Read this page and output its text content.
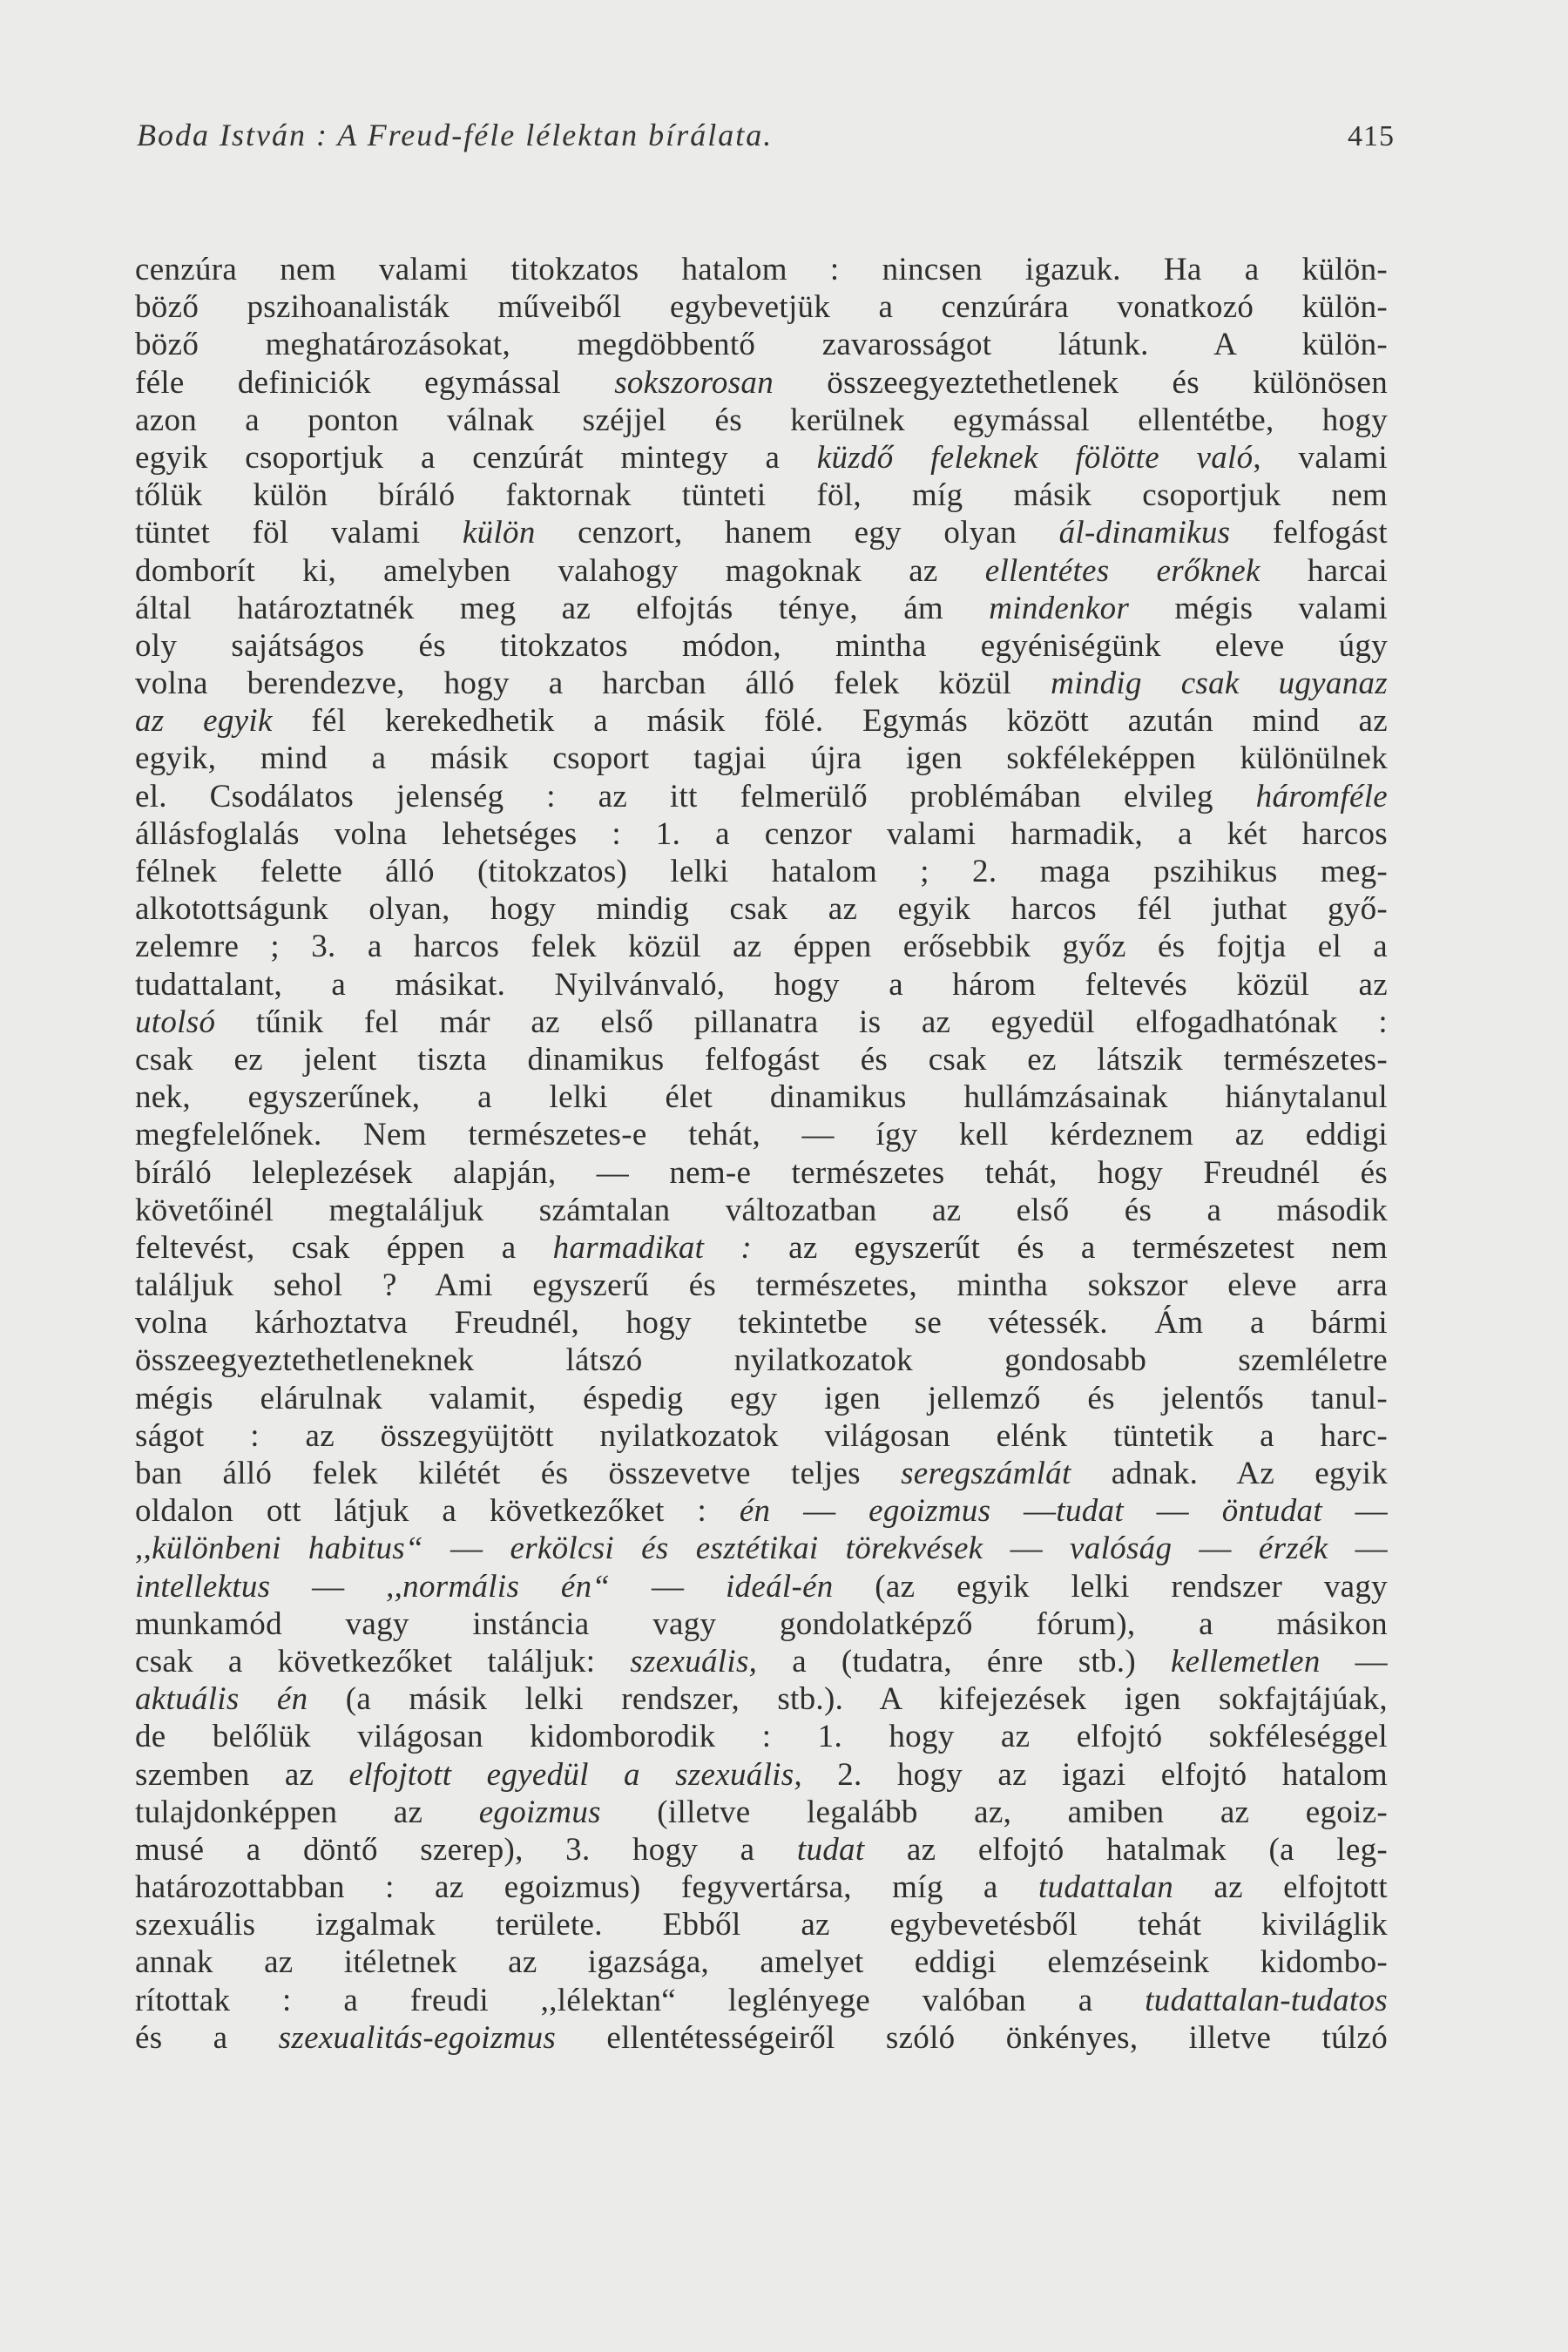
Boda István : A Freud-féle lélektan bírálata.	415
cenzúra nem valami titokzatos hatalom : nincsen igazuk. Ha a külön-
böző pszihoanalisták műveiből egybevetjük a cenzúrára vonatkozó külön-
böző meghatározásokat, megdöbbentő zavarosságot látunk. A külön-
féle definiciók egymással sokszorosan összeegyeztethetlenek és különösen
azon a ponton válnak széjjel és kerülnek egymással ellentétbe, hogy
egyik csoportjuk a cenzúrát mintegy a küzdő feleknek fölötte való, valami
tőlük külön bíráló faktornak tünteti föl, míg másik csoportjuk nem
tüntet föl valami külön cenzort, hanem egy olyan ál-dinamikus felfogást
domborít ki, amelyben valahogy magoknak az ellentétes erőknek harcai
által határoztatnék meg az elfojtás ténye, ám mindenkor mégis valami
oly sajátságos és titokzatos módon, mintha egyéniségünk eleve úgy
volna berendezve, hogy a harcban álló felek közül mindig csak ugyanaz
az egyik fél kerekedhetik a másik fölé. Egymás között azután mind az
egyik, mind a másik csoport tagjai újra igen sokféleképpen különülnek
el. Csodálatos jelenség : az itt felmerülő problémában elvileg háromféle
állásfoglalás volna lehetséges : 1. a cenzor valami harmadik, a két harcos
félnek felette álló (titokzatos) lelki hatalom ; 2. maga pszihikus meg-
alkotottságunk olyan, hogy mindig csak az egyik harcos fél juthat győ-
zelemre ; 3. a harcos felek közül az éppen erősebbik győz és fojtja el a
tudattalant, a másikat. Nyilvánvaló, hogy a három feltevés közül az
utolsó tűnik fel már az első pillanatra is az egyedül elfogadhatónak :
csak ez jelent tiszta dinamikus felfogást és csak ez látszik természetes-
nek, egyszerűnek, a lelki élet dinamikus hullámzásainak hiánytalanul
megfelelőnek. Nem természetes-e tehát, — így kell kérdeznem az eddigi
bíráló leleplezések alapján, — nem-e természetes tehát, hogy Freudnél és
követőinél megtaláljuk számtalan változatban az első és a második
feltevést, csak éppen a harmadikat : az egyszerűt és a természetest nem
találjuk sehol ? Ami egyszerű és természetes, mintha sokszor eleve arra
volna kárhoztatva Freudnél, hogy tekintetbe se vétessék. Ám a bármi
összeegyeztethetleneknek látszó nyilatkozatok gondosabb szemléletre
mégis elárulnak valamit, éspedig egy igen jellemző és jelentős tanul-
ságot : az összegyüjtött nyilatkozatok világosan elénk tüntetik a harc-
ban álló felek kilétét és összevetve teljes seregszámlát adnak. Az egyik
oldalon ott látjuk a következőket : én — egoizmus —tudat — öntudat —
,,különbeni habitus“ — erkölcsi és esztétikai törekvések — valóság — érzék —
intellektus — ,,normális én“ — ideál-én (az egyik lelki rendszer vagy
munkamód vagy instáncia vagy gondolatképző fórum), a másikon
csak a következőket találjuk: szexuális, a (tudatra, énre stb.) kellemetlen —
aktuális én (a másik lelki rendszer, stb.). A kifejezések igen sokfajtájúak,
de belőlük világosan kidomborodik : 1. hogy az elfojtó sokféleséggel
szemben az elfojtott egyedül a szexuális, 2. hogy az igazi elfojtó hatalom
tulajdonképpen az egoizmus (illetve legalább az, amiben az egoiz-
musé a döntő szerep), 3. hogy a tudat az elfojtó hatalmak (a leg-
határozottabban : az egoizmus) fegyvertársa, míg a tudattalan az elfojtott
szexuális izgalmak területe. Ebből az egybevetésből tehát kiviláglik
annak az itéletnek az igazsága, amelyet eddigi elemzéseink kidombo-
rítottak : a freudi ,,lélektan“ leglényege valóban a tudattalan-tudatos
és a szexualitás-egoizmus ellentétességeiről szóló önkényes, illetve túlzó
